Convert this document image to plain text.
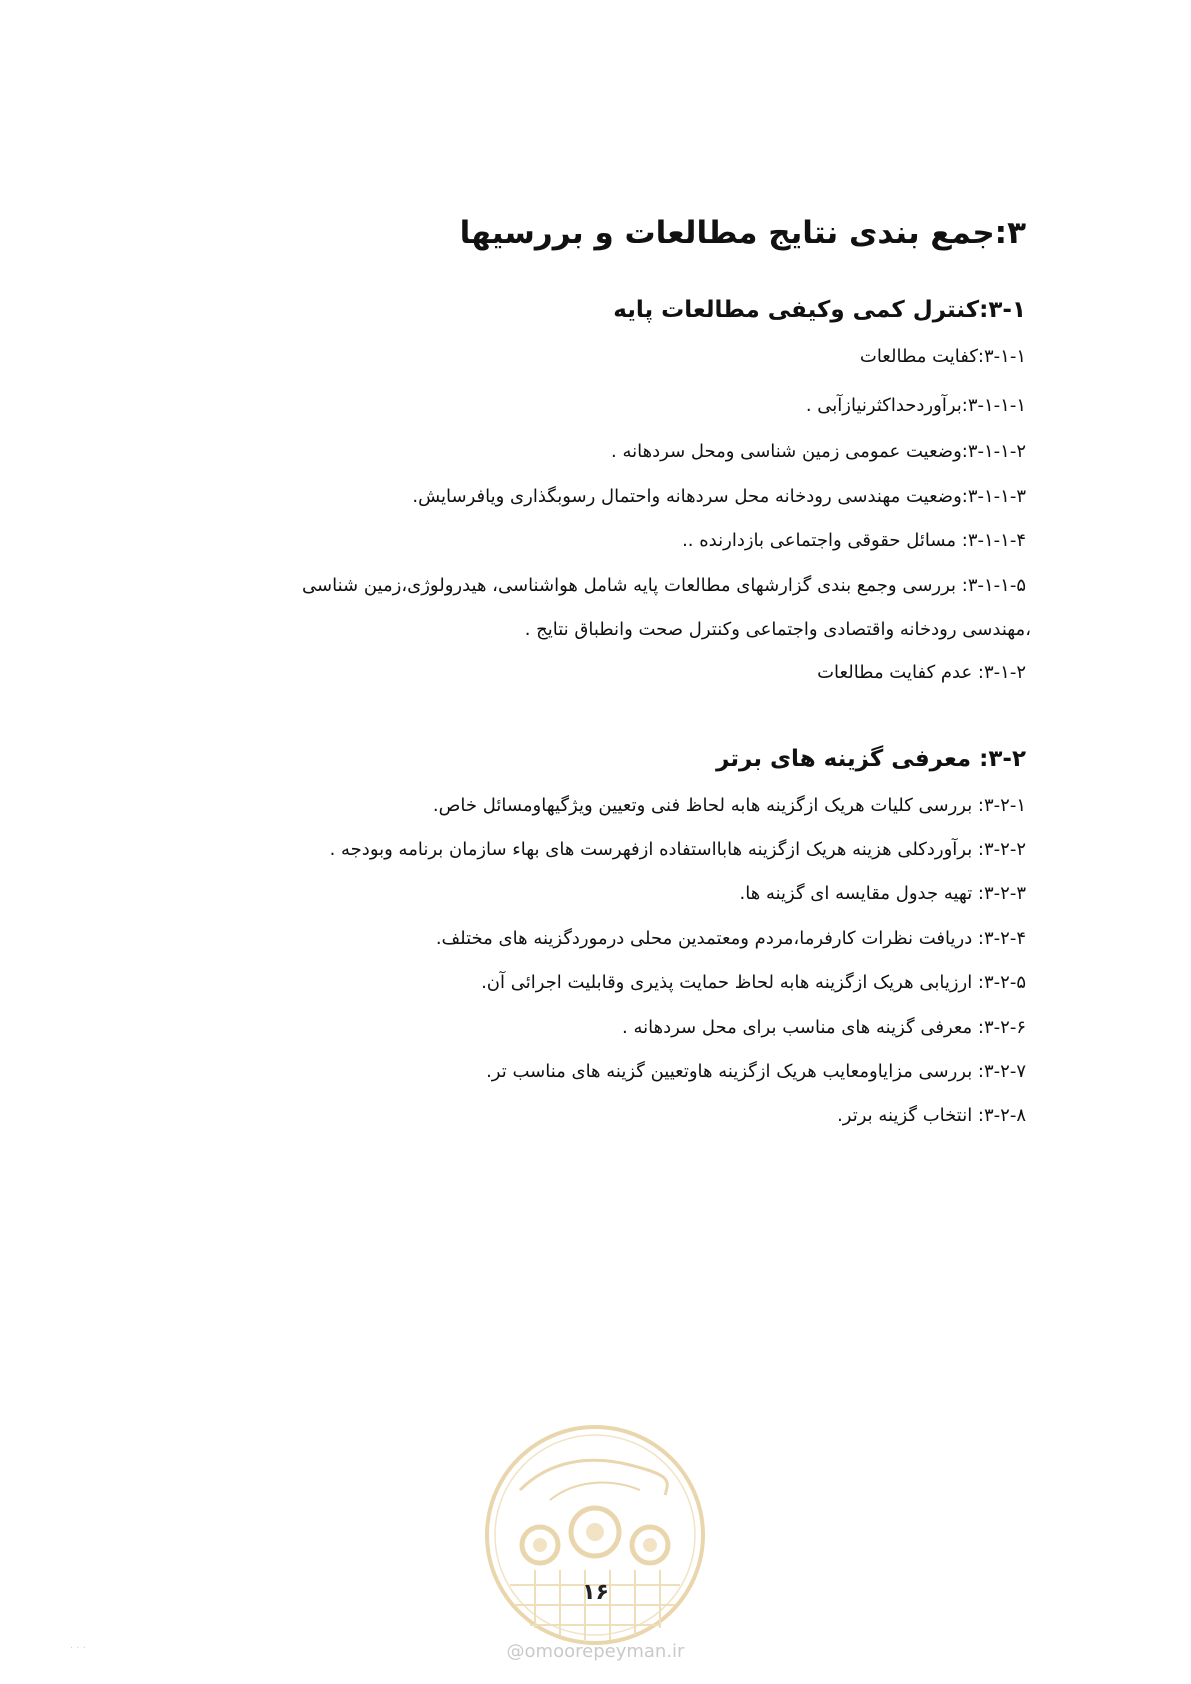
۳:جمع بندی نتایج مطالعات و بررسیها
۳-۱:کنترل کمی وکیفی مطالعات پایه
۳-۱-۱:کفایت مطالعات
۳-۱-۱-۱:برآوردحداکثرنیازآبی .
۳-۱-۱-۲:وضعیت عمومی زمین شناسی ومحل سردهانه .
۳-۱-۱-۳:وضعیت مهندسی رودخانه محل سردهانه واحتمال رسوبگذاری ویافرسایش.
۳-۱-۱-۴: مسائل حقوقی واجتماعی بازدارنده ..
۳-۱-۱-۵: بررسی وجمع بندی گزارشهای مطالعات پایه شامل هواشناسی، هیدرولوژی،زمین شناسی
،مهندسی رودخانه واقتصادی واجتماعی وکنترل صحت وانطباق نتایج .
۳-۱-۲: عدم کفایت مطالعات
۳-۲: معرفی گزینه های برتر
۳-۲-۱: بررسی کلیات هریک ازگزینه هابه لحاظ فنی وتعیین ویژگیهاومسائل خاص.
۳-۲-۲: برآوردکلی هزینه هریک ازگزینه هابااستفاده ازفهرست های بهاء سازمان برنامه وبودجه .
۳-۲-۳: تهیه جدول مقایسه ای گزینه ها.
۳-۲-۴: دریافت نظرات کارفرما،مردم ومعتمدین محلی درموردگزینه های مختلف.
۳-۲-۵: ارزیابی هریک ازگزینه هابه لحاظ حمایت پذیری وقابلیت اجرائی آن.
۳-۲-۶: معرفی گزینه های مناسب برای محل سردهانه .
۳-۲-۷: بررسی مزایاومعایب هریک ازگزینه هاوتعیین گزینه های مناسب تر.
۳-۲-۸: انتخاب گزینه برتر.
۱۶
@omoorepeyman.ir
· · ·
